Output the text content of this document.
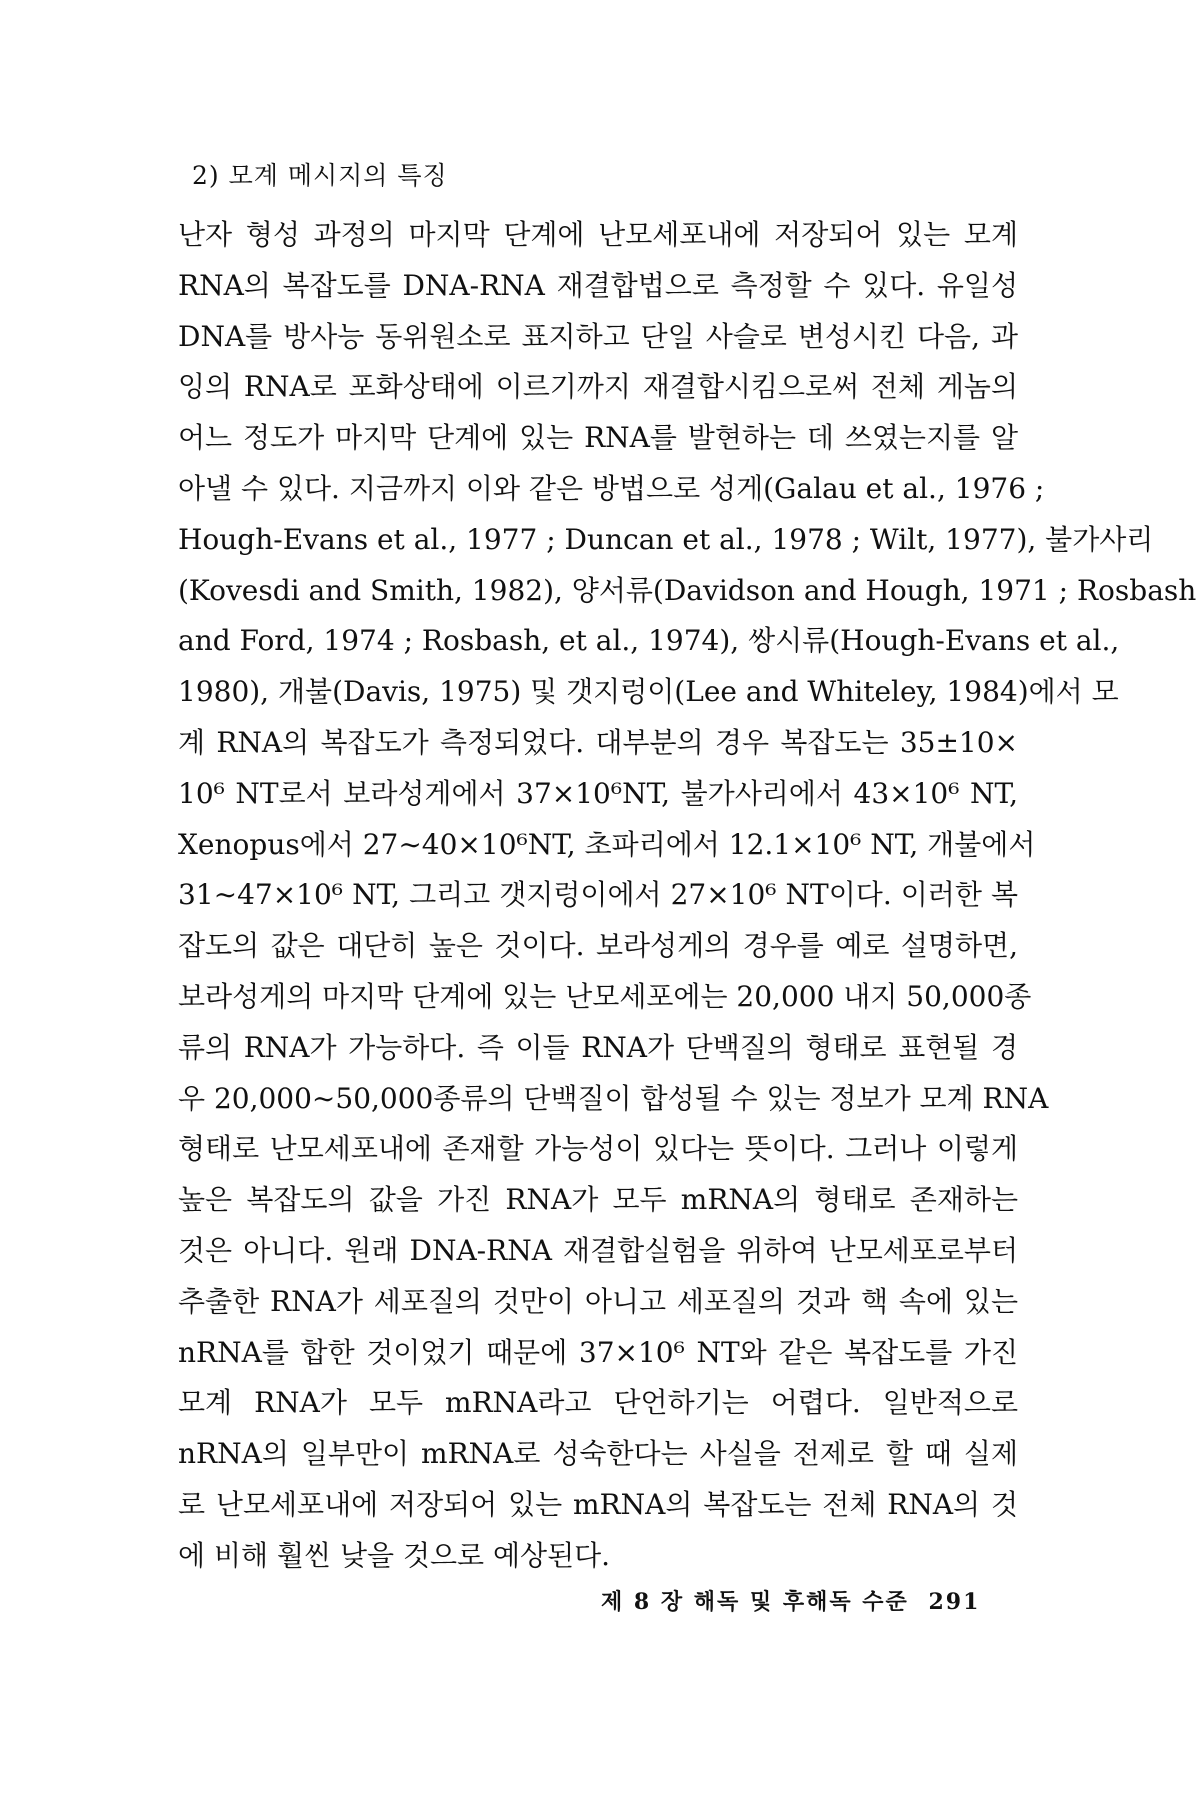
2) 모계 메시지의 특징
난자 형성 과정의 마지막 단계에 난모세포내에 저장되어 있는 모계
RNA의 복잡도를 DNA-RNA 재결합법으로 측정할 수 있다. 유일성
DNA를 방사능 동위원소로 표지하고 단일 사슬로 변성시킨 다음, 과
잉의 RNA로 포화상태에 이르기까지 재결합시킴으로써 전체 게놈의
어느 정도가 마지막 단계에 있는 RNA를 발현하는 데 쓰였는지를 알
아낼 수 있다. 지금까지 이와 같은 방법으로 성게(Galau et al., 1976 ;
Hough-Evans et al., 1977 ; Duncan et al., 1978 ; Wilt, 1977), 불가사리
(Kovesdi and Smith, 1982), 양서류(Davidson and Hough, 1971 ; Rosbash
and Ford, 1974 ; Rosbash, et al., 1974), 쌍시류(Hough-Evans et al.,
1980), 개불(Davis, 1975) 및 갯지렁이(Lee and Whiteley, 1984)에서 모
계 RNA의 복잡도가 측정되었다. 대부분의 경우 복잡도는 35±10×
10⁶ NT로서 보라성게에서 37×10⁶NT, 불가사리에서 43×10⁶ NT,
Xenopus에서 27∼40×10⁶NT, 초파리에서 12.1×10⁶ NT, 개불에서
31∼47×10⁶ NT, 그리고 갯지렁이에서 27×10⁶ NT이다. 이러한 복
잡도의 값은 대단히 높은 것이다. 보라성게의 경우를 예로 설명하면,
보라성게의 마지막 단계에 있는 난모세포에는 20,000 내지 50,000종
류의 RNA가 가능하다. 즉 이들 RNA가 단백질의 형태로 표현될 경
우 20,000∼50,000종류의 단백질이 합성될 수 있는 정보가 모계 RNA
형태로 난모세포내에 존재할 가능성이 있다는 뜻이다. 그러나 이렇게
높은 복잡도의 값을 가진 RNA가 모두 mRNA의 형태로 존재하는
것은 아니다. 원래 DNA-RNA 재결합실험을 위하여 난모세포로부터
추출한 RNA가 세포질의 것만이 아니고 세포질의 것과 핵 속에 있는
nRNA를 합한 것이었기 때문에 37×10⁶ NT와 같은 복잡도를 가진
모계 RNA가 모두 mRNA라고 단언하기는 어렵다. 일반적으로
nRNA의 일부만이 mRNA로 성숙한다는 사실을 전제로 할 때 실제
로 난모세포내에 저장되어 있는 mRNA의 복잡도는 전체 RNA의 것
에 비해 훨씬 낮을 것으로 예상된다.
제 8 장 해독 및 후해독 수준 291
